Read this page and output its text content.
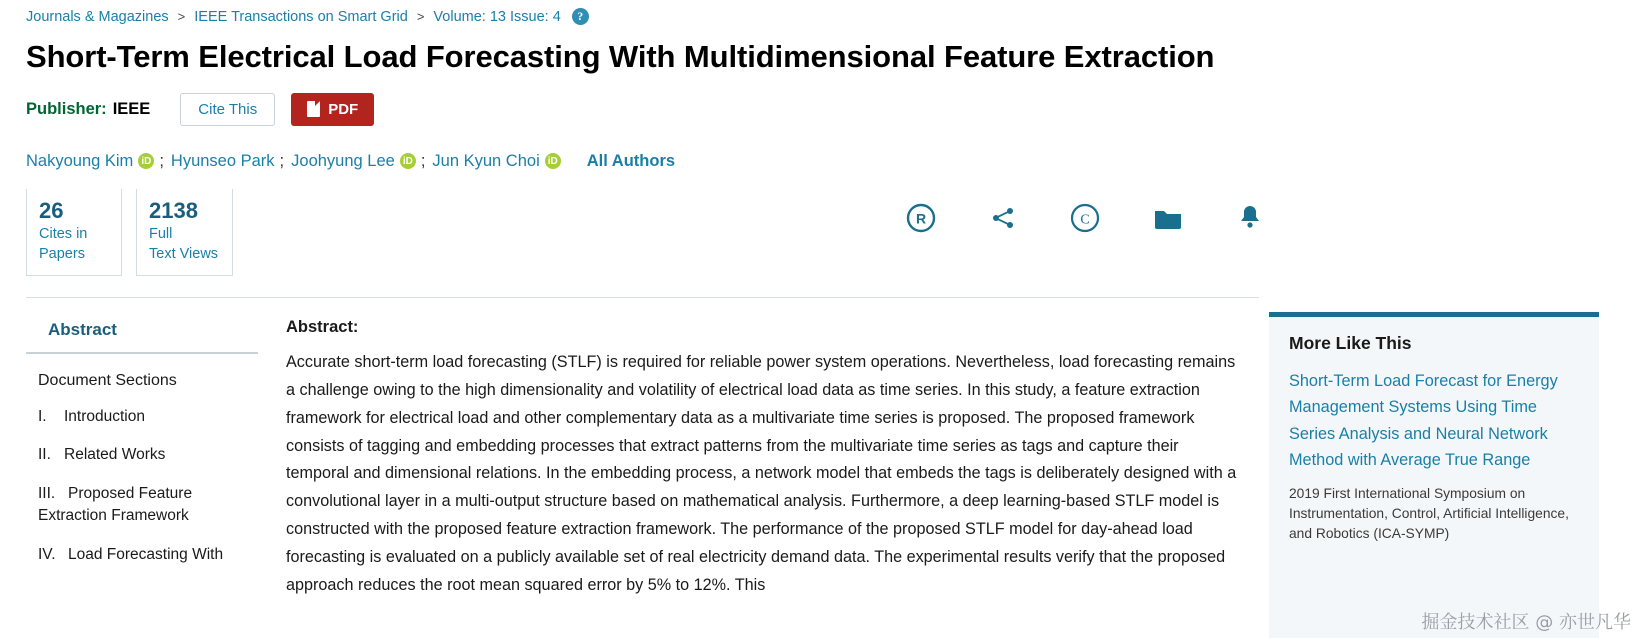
Journals & Magazines > IEEE Transactions on Smart Grid > Volume: 13 Issue: 4	?
Short-Term Electrical Load Forecasting With Multidimensional Feature Extraction
Publisher: IEEE	Cite This	PDF
Nakyoung Kim iD ; Hyunseo Park ; Joohyung Lee iD ; Jun Kyun Choi iD All Authors
26
Cites in
Papers
2138
Full
Text Views
R	C
Abstract
Document Sections
I. Introduction
II. Related Works
III. Proposed Feature Extraction Framework
IV. Load Forecasting With
Abstract:
Accurate short-term load forecasting (STLF) is required for reliable power system operations. Nevertheless, load forecasting remains a challenge owing to the high dimensionality and volatility of electrical load data as time series. In this study, a feature extraction framework for electrical load and other complementary data as a multivariate time series is proposed. The proposed framework consists of tagging and embedding processes that extract patterns from the multivariate time series as tags and capture their temporal and dimensional relations. In the embedding process, a network model that embeds the tags is deliberately designed with a convolutional layer in a multi-output structure based on mathematical analysis. Furthermore, a deep learning-based STLF model is constructed with the proposed feature extraction framework. The performance of the proposed STLF model for day-ahead load forecasting is evaluated on a publicly available set of real electricity demand data. The experimental results verify that the proposed approach reduces the root mean squared error by 5% to 12%. This
More Like This
Short-Term Load Forecast for Energy Management Systems Using Time Series Analysis and Neural Network Method with Average True Range
2019 First International Symposium on Instrumentation, Control, Artificial Intelligence, and Robotics (ICA-SYMP)
掘金技术社区 @ 亦世凡华
